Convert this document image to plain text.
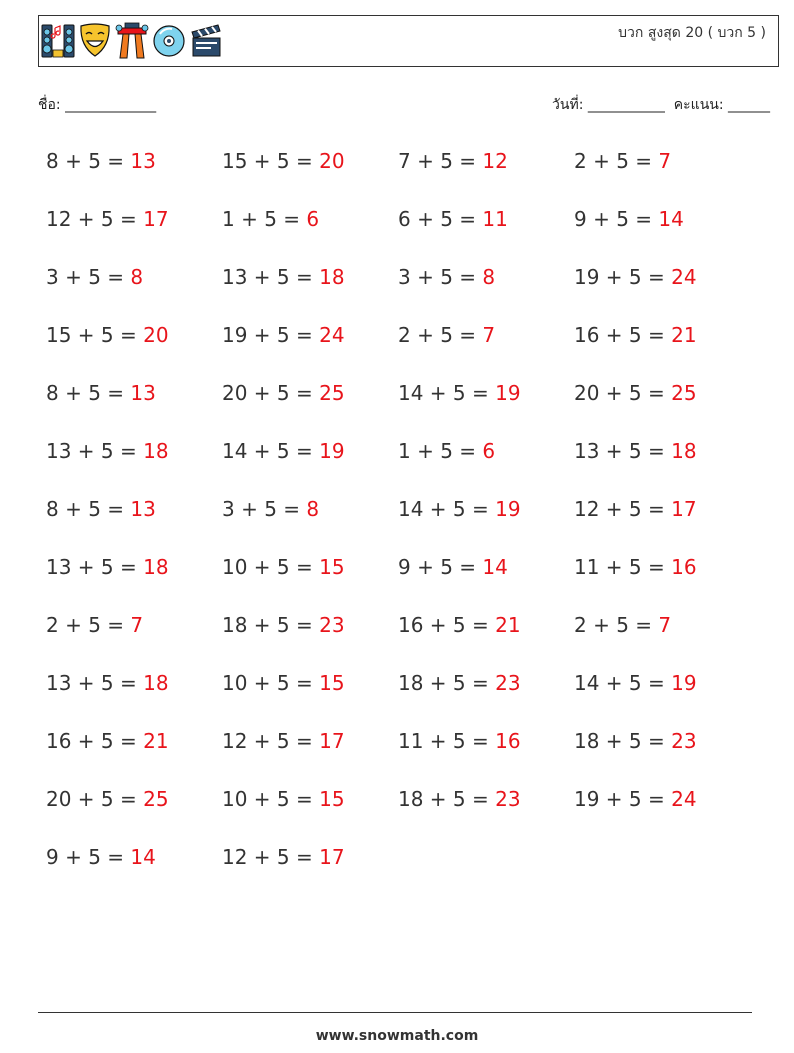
บวก สูงสุด 20 ( บวก 5 )
ชื่อ: _____________	วันที่: ___________ คะแนน: ______
8 + 5 = 13	15 + 5 = 20	7 + 5 = 12	2 + 5 = 7
12 + 5 = 17	1 + 5 = 6	6 + 5 = 11	9 + 5 = 14
3 + 5 = 8	13 + 5 = 18	3 + 5 = 8	19 + 5 = 24
15 + 5 = 20	19 + 5 = 24	2 + 5 = 7	16 + 5 = 21
8 + 5 = 13	20 + 5 = 25	14 + 5 = 19	20 + 5 = 25
13 + 5 = 18	14 + 5 = 19	1 + 5 = 6	13 + 5 = 18
8 + 5 = 13	3 + 5 = 8	14 + 5 = 19	12 + 5 = 17
13 + 5 = 18	10 + 5 = 15	9 + 5 = 14	11 + 5 = 16
2 + 5 = 7	18 + 5 = 23	16 + 5 = 21	2 + 5 = 7
13 + 5 = 18	10 + 5 = 15	18 + 5 = 23	14 + 5 = 19
16 + 5 = 21	12 + 5 = 17	11 + 5 = 16	18 + 5 = 23
20 + 5 = 25	10 + 5 = 15	18 + 5 = 23	19 + 5 = 24
9 + 5 = 14	12 + 5 = 17
www.snowmath.com
